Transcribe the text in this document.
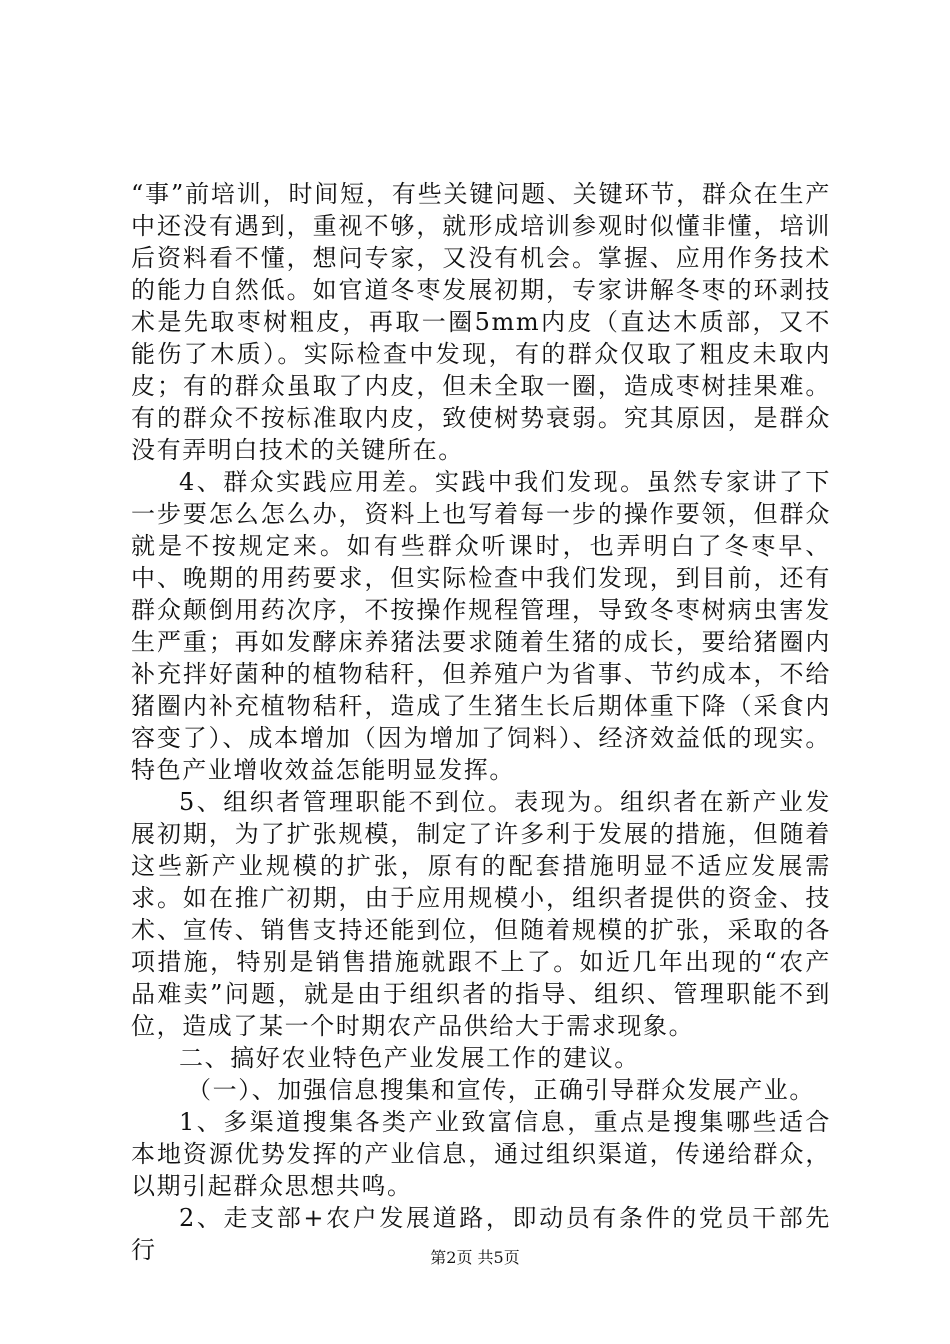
“事”前培训，时间短，有些关键问题、关键环节，群众在生产中还没有遇到，重视不够，就形成培训参观时似懂非懂，培训后资料看不懂，想问专家，又没有机会。掌握、应用作务技术的能力自然低。如官道冬枣发展初期，专家讲解冬枣的环剥技术是先取枣树粗皮，再取一圈5mm内皮（直达木质部，又不能伤了木质）。实际检查中发现，有的群众仅取了粗皮未取内皮；有的群众虽取了内皮，但未全取一圈，造成枣树挂果难。有的群众不按标准取内皮，致使树势衰弱。究其原因，是群众没有弄明白技术的关键所在。

4、群众实践应用差。实践中我们发现。虽然专家讲了下一步要怎么怎么办，资料上也写着每一步的操作要领，但群众就是不按规定来。如有些群众听课时，也弄明白了冬枣早、中、晚期的用药要求，但实际检查中我们发现，到目前，还有群众颠倒用药次序，不按操作规程管理，导致冬枣树病虫害发生严重；再如发酵床养猪法要求随着生猪的成长，要给猪圈内补充拌好菌种的植物秸秆，但养殖户为省事、节约成本，不给猪圈内补充植物秸秆，造成了生猪生长后期体重下降（采食内容变了）、成本增加（因为增加了饲料）、经济效益低的现实。特色产业增收效益怎能明显发挥。

5、组织者管理职能不到位。表现为。组织者在新产业发展初期，为了扩张规模，制定了许多利于发展的措施，但随着这些新产业规模的扩张，原有的配套措施明显不适应发展需求。如在推广初期，由于应用规模小，组织者提供的资金、技术、宣传、销售支持还能到位，但随着规模的扩张，采取的各项措施，特别是销售措施就跟不上了。如近几年出现的“农产品难卖”问题，就是由于组织者的指导、组织、管理职能不到位，造成了某一个时期农产品供给大于需求现象。

二、搞好农业特色产业发展工作的建议。

（一）、加强信息搜集和宣传，正确引导群众发展产业。

1、多渠道搜集各类产业致富信息，重点是搜集哪些适合本地资源优势发挥的产业信息，通过组织渠道，传递给群众，以期引起群众思想共鸣。

2、走支部+农户发展道路，即动员有条件的党员干部先行	第2页 共5页
